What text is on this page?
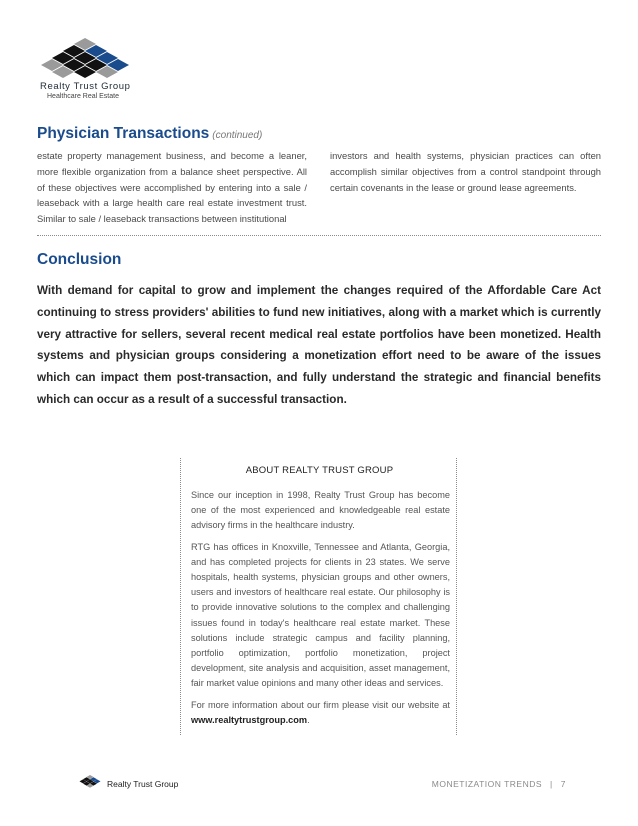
Realty Trust Group
Healthcare Real Estate
Physician Transactions (continued)
estate property management business, and become a leaner, more flexible organization from a balance sheet perspective. All of these objectives were accomplished by entering into a sale / leaseback with a large health care real estate investment trust. Similar to sale / leaseback transactions between institutional
investors and health systems, physician practices can often accomplish similar objectives from a control standpoint through certain covenants in the lease or ground lease agreements.
Conclusion
With demand for capital to grow and implement the changes required of the Affordable Care Act continuing to stress providers' abilities to fund new initiatives, along with a market which is currently very attractive for sellers, several recent medical real estate portfolios have been monetized. Health systems and physician groups considering a monetization effort need to be aware of the issues which can impact them post-transaction, and fully understand the strategic and financial benefits which can occur as a result of a successful transaction.
ABOUT REALTY TRUST GROUP

Since our inception in 1998, Realty Trust Group has become one of the most experienced and knowledgeable real estate advisory firms in the healthcare industry.

RTG has offices in Knoxville, Tennessee and Atlanta, Georgia, and has completed projects for clients in 23 states. We serve hospitals, health systems, physician groups and other owners, users and investors of healthcare real estate. Our philosophy is to provide innovative solutions to the complex and challenging issues found in today's healthcare real estate market. These solutions include strategic campus and facility planning, portfolio optimization, portfolio monetization, project development, site analysis and acquisition, asset management, fair market value opinions and many other ideas and services.

For more information about our firm please visit our website at www.realtytrustgroup.com.

Realty Trust Group	MONETIZATION TRENDS | 7
